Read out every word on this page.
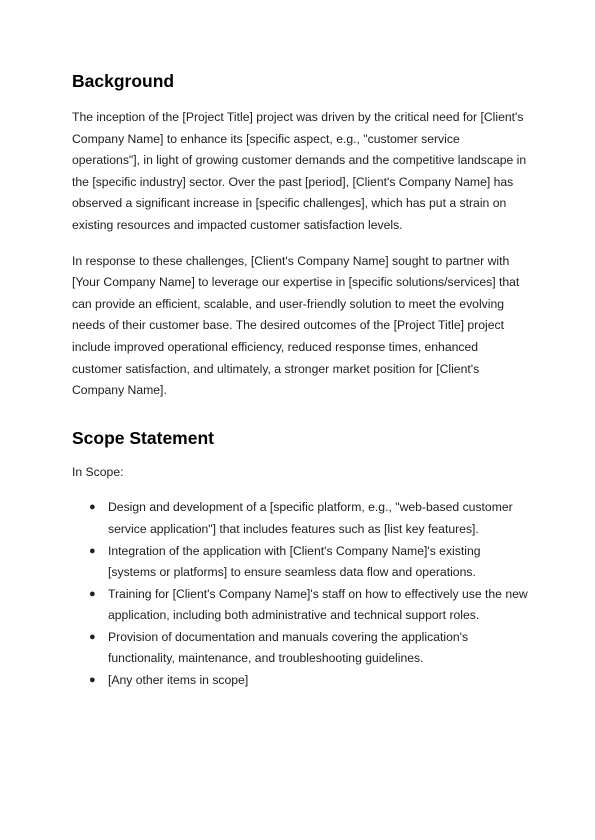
Background

The inception of the [Project Title] project was driven by the critical need for [Client's Company Name] to enhance its [specific aspect, e.g., "customer service operations"], in light of growing customer demands and the competitive landscape in the [specific industry] sector. Over the past [period], [Client's Company Name] has observed a significant increase in [specific challenges], which has put a strain on existing resources and impacted customer satisfaction levels.

In response to these challenges, [Client's Company Name] sought to partner with [Your Company Name] to leverage our expertise in [specific solutions/services] that can provide an efficient, scalable, and user-friendly solution to meet the evolving needs of their customer base. The desired outcomes of the [Project Title] project include improved operational efficiency, reduced response times, enhanced customer satisfaction, and ultimately, a stronger market position for [Client's Company Name].

Scope Statement

In Scope:

● Design and development of a [specific platform, e.g., "web-based customer service application"] that includes features such as [list key features].
● Integration of the application with [Client's Company Name]'s existing [systems or platforms] to ensure seamless data flow and operations.
● Training for [Client's Company Name]'s staff on how to effectively use the new application, including both administrative and technical support roles.
● Provision of documentation and manuals covering the application's functionality, maintenance, and troubleshooting guidelines.
● [Any other items in scope]
